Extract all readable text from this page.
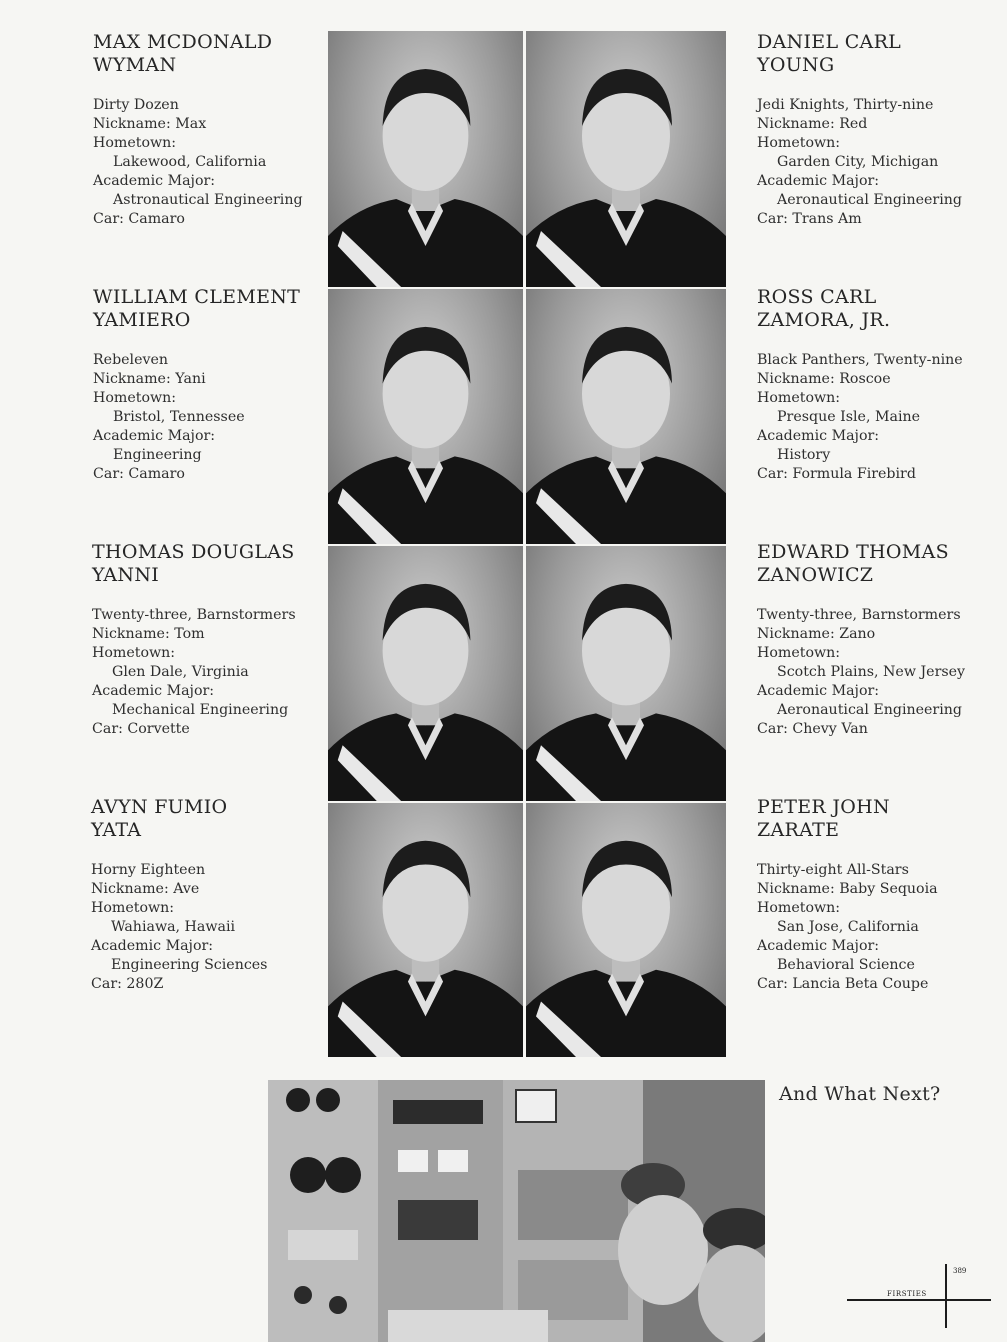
MAX MCDONALD
WYMAN
Dirty Dozen
Nickname: Max
Hometown:
Lakewood, California
Academic Major:
Astronautical Engineering
Car: Camaro
DANIEL CARL
YOUNG
Jedi Knights, Thirty-nine
Nickname: Red
Hometown:
Garden City, Michigan
Academic Major:
Aeronautical Engineering
Car: Trans Am
WILLIAM CLEMENT
YAMIERO
Rebeleven
Nickname: Yani
Hometown:
Bristol, Tennessee
Academic Major:
Engineering
Car: Camaro
ROSS CARL
ZAMORA, JR.
Black Panthers, Twenty-nine
Nickname: Roscoe
Hometown:
Presque Isle, Maine
Academic Major:
History
Car: Formula Firebird
THOMAS DOUGLAS
YANNI
Twenty-three, Barnstormers
Nickname: Tom
Hometown:
Glen Dale, Virginia
Academic Major:
Mechanical Engineering
Car: Corvette
EDWARD THOMAS
ZANOWICZ
Twenty-three, Barnstormers
Nickname: Zano
Hometown:
Scotch Plains, New Jersey
Academic Major:
Aeronautical Engineering
Car: Chevy Van
AVYN FUMIO
YATA
Horny Eighteen
Nickname: Ave
Hometown:
Wahiawa, Hawaii
Academic Major:
Engineering Sciences
Car: 280Z
PETER JOHN
ZARATE
Thirty-eight All-Stars
Nickname: Baby Sequoia
Hometown:
San Jose, California
Academic Major:
Behavioral Science
Car: Lancia Beta Coupe
And What Next?
FIRSTIES
389
